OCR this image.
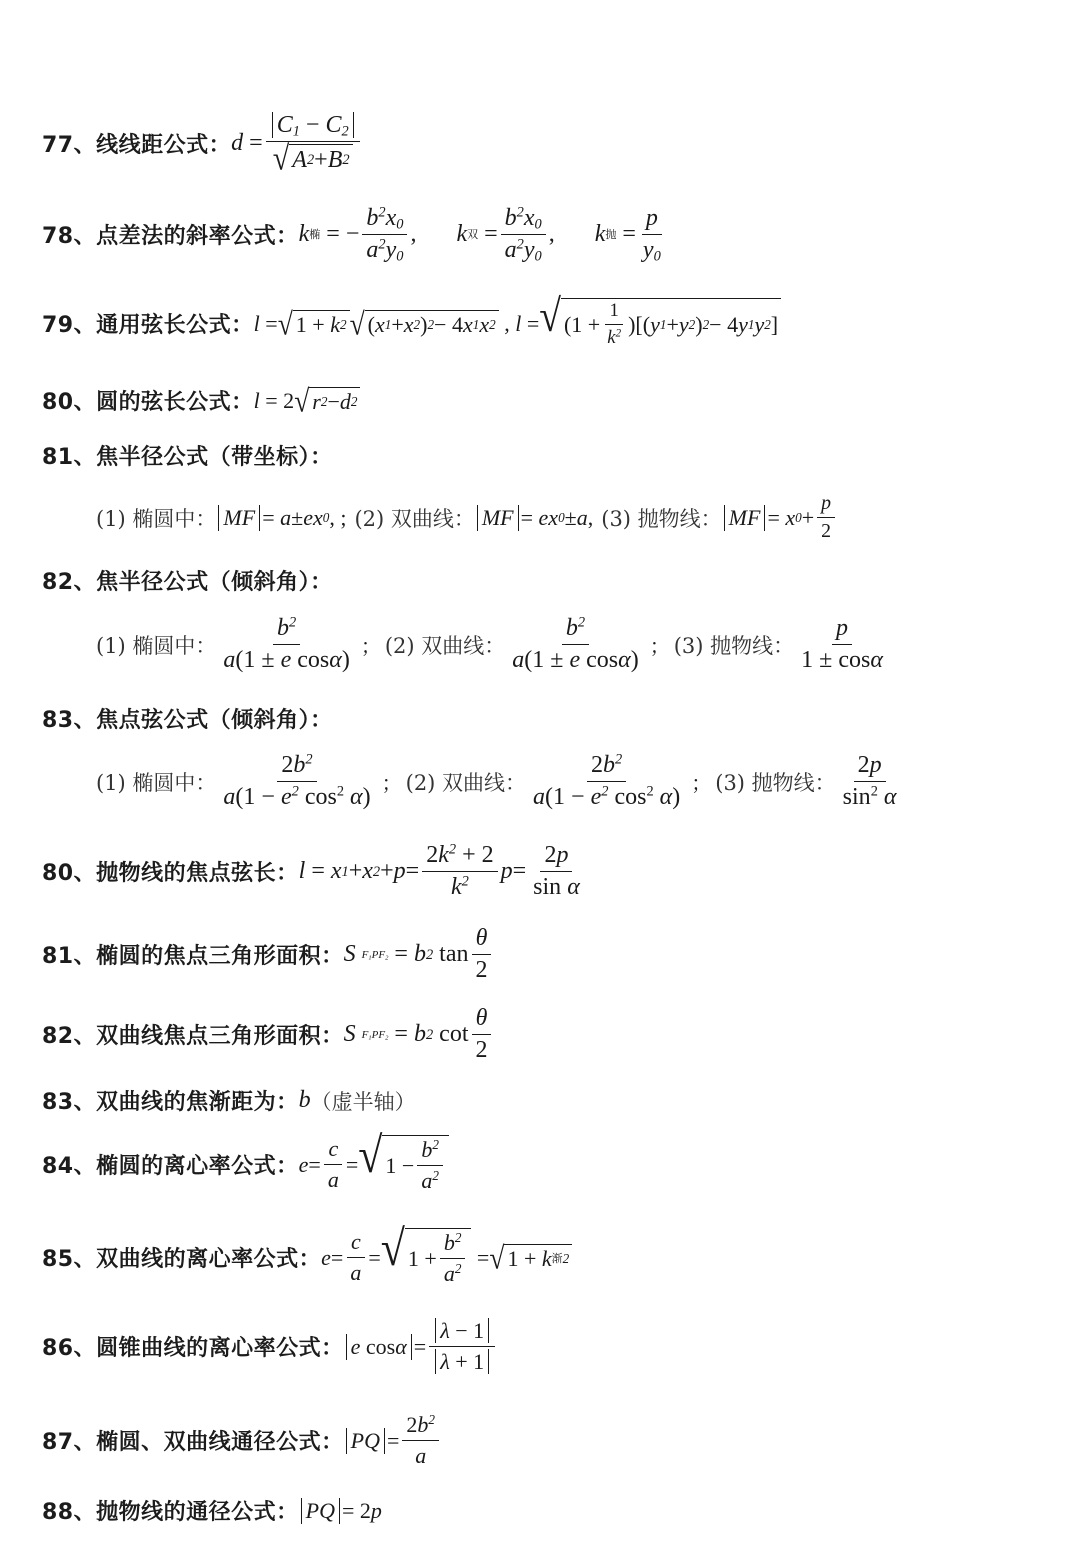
77、线线距公式： $d = \frac{C_1 - C_2}{√ A 2 + B 2}$
78、点差法的斜率公式： k 椭
= − $\frac{b^2x_0}{a^2y_0}$ , k 双
= $\frac{b^2x_0}{a^2y_0}$ , k 抛
= $\frac{p}{y_0}$
79、通用弦长公式： l = √ 1 + k 2 √ ( x 1 + x 2 ) 2 − 4 x 1 x 2 , l = √ ($1 + \frac{1}{k^2}$ )[( y 1 + y 2 ) 2 − 4 y 1 y 2 ]
80、圆的弦长公式： l = 2 √ r 2 − d 2
81、焦半径公式（带坐标）：
(1) 椭圆中： MF = a ± ex 0 , ; (2) 双曲线： MF = ex 0 ± a , (3) 抛物线： MF = x $0 + \frac{p}{2}$
82、焦半径公式（倾斜角）：
(1) 椭圆中： $\frac{b^2}{\text{a(1 ± e cosα)}}$ ； (2) 双曲线： $\frac{b^2}{\text{a(1 ± e cosα)}}$ ； (3) 抛物线： $\frac{p}{1 \pm \cos\alpha}$
83、焦点弦公式（倾斜角）：
(1) 椭圆中： $\frac{2b^2}{a(1 - e^2 \cos^2 \alpha)}$ ； (2) 双曲线： $\frac{2b^2}{a(1 - e^2 \cos^2 \alpha)}$ ； (3) 抛物线： $\frac{2p}{\sin^2 \alpha}$
80、抛物线的焦点弦长： l = x 1 + x $2 + p = \frac{2k^2 + 2}{k^2}$ $p = \frac{2p}{\text{sin α}}$
81、椭圆的焦点三角形面积： S $F_1PF_2 = b$ 2 $\tan \frac{\theta}{2}$
82、双曲线焦点三角形面积： S $F_1PF_2 = b$ 2 $\cot \frac{\theta}{2}$
83、双曲线的焦渐距为： b （虚半轴）
84、椭圆的离心率公式： $e = \frac{c}{a}$ = √ $1 - \frac{b^2}{a^2}$
85、双曲线的离心率公式： $e = \frac{c}{a}$ = √ $1 + \frac{b^2}{a^2}$ = √ 1 + k 渐 2
86、圆锥曲线的离心率公式： e $\cos\alpha = \frac{\lambda - 1}{\lambda + 1}$
87、椭圆、双曲线通径公式： PQ = $\frac{2b^2}{a}$
88、抛物线的通径公式： PQ = 2 p
